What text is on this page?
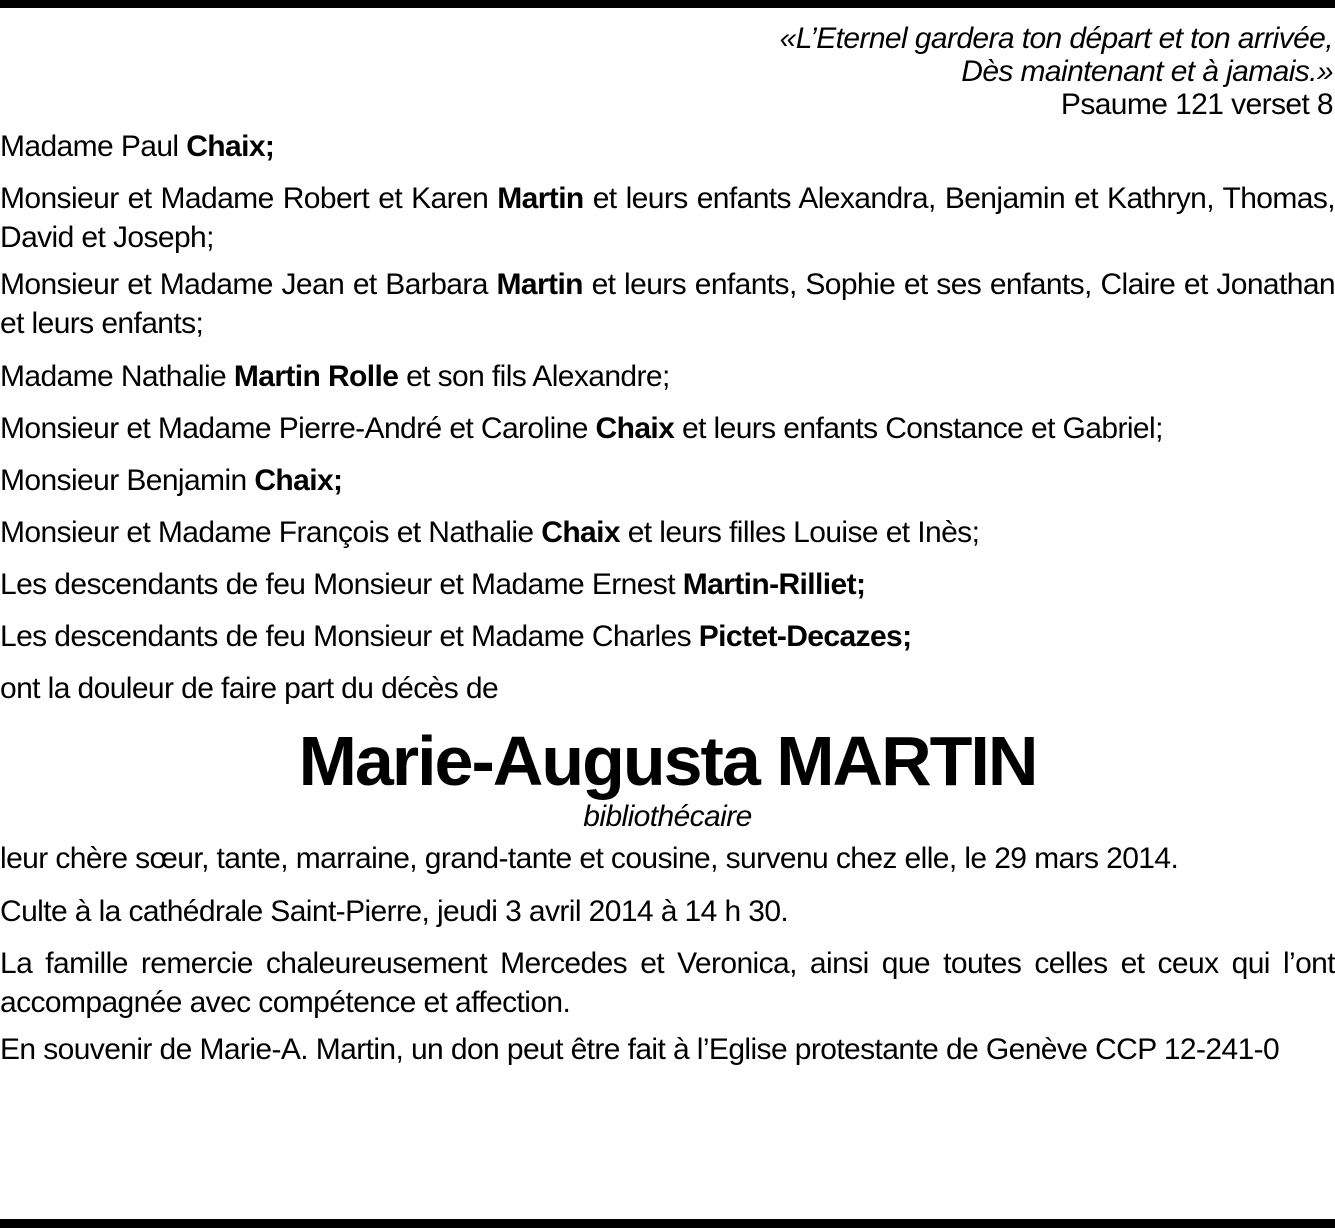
«L’Eternel gardera ton départ et ton arrivée,
Dès maintenant et à jamais.»
Psaume 121 verset 8

Madame Paul Chaix;

Monsieur et Madame Robert et Karen Martin et leurs enfants Alexandra, Benjamin et Kathryn, Thomas, David et Joseph;

Monsieur et Madame Jean et Barbara Martin et leurs enfants, Sophie et ses enfants, Claire et Jonathan et leurs enfants;

Madame Nathalie Martin Rolle et son fils Alexandre;

Monsieur et Madame Pierre-André et Caroline Chaix et leurs enfants Constance et Gabriel;

Monsieur Benjamin Chaix;

Monsieur et Madame François et Nathalie Chaix et leurs filles Louise et Inès;

Les descendants de feu Monsieur et Madame Ernest Martin-Rilliet;

Les descendants de feu Monsieur et Madame Charles Pictet-Decazes;

ont la douleur de faire part du décès de

Marie-Augusta MARTIN
bibliothécaire

leur chère sœur, tante, marraine, grand-tante et cousine, survenu chez elle, le 29 mars 2014.

Culte à la cathédrale Saint-Pierre, jeudi 3 avril 2014 à 14 h 30.

La famille remercie chaleureusement Mercedes et Veronica, ainsi que toutes celles et ceux qui l’ont accompagnée avec compétence et affection.

En souvenir de Marie-A. Martin, un don peut être fait à l’Eglise protestante de Genève CCP 12-241-0
